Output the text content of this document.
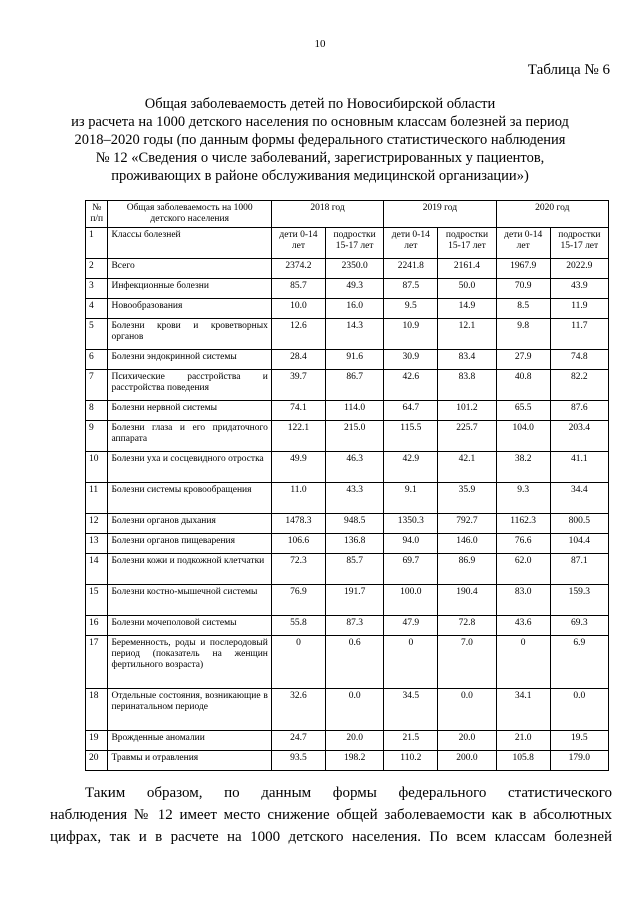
10
Таблица № 6
Общая заболеваемость детей по Новосибирской области
из расчета на 1000 детского населения по основным классам болезней за период
2018–2020 годы (по данным формы федерального статистического наблюдения
№ 12 «Сведения о числе заболеваний, зарегистрированных у пациентов,
проживающих в районе обслуживания медицинской организации»)
№ п/п	Общая заболеваемость на 1000 детского населения	2018 год		2019 год		2020 год	
1	Классы болезней	дети 0-14 лет	подростки 15-17 лет	дети 0-14 лет	подростки 15-17 лет	дети 0-14 лет	подростки 15-17 лет
2	Всего	2374.2	2350.0	2241.8	2161.4	1967.9	2022.9
3	Инфекционные болезни	85.7	49.3	87.5	50.0	70.9	43.9
4	Новообразования	10.0	16.0	9.5	14.9	8.5	11.9
5	Болезни крови и кроветворных органов	12.6	14.3	10.9	12.1	9.8	11.7
6	Болезни эндокринной системы	28.4	91.6	30.9	83.4	27.9	74.8
7	Психические расстройства и расстройства поведения	39.7	86.7	42.6	83.8	40.8	82.2
8	Болезни нервной системы	74.1	114.0	64.7	101.2	65.5	87.6
9	Болезни глаза и его придаточного аппарата	122.1	215.0	115.5	225.7	104.0	203.4
10	Болезни уха и сосцевидного отростка	49.9	46.3	42.9	42.1	38.2	41.1
11	Болезни системы кровообращения	11.0	43.3	9.1	35.9	9.3	34.4
12	Болезни органов дыхания	1478.3	948.5	1350.3	792.7	1162.3	800.5
13	Болезни органов пищеварения	106.6	136.8	94.0	146.0	76.6	104.4
14	Болезни кожи и подкожной клетчатки	72.3	85.7	69.7	86.9	62.0	87.1
15	Болезни костно-мышечной системы	76.9	191.7	100.0	190.4	83.0	159.3
16	Болезни мочеполовой системы	55.8	87.3	47.9	72.8	43.6	69.3
17	Беременность, роды и послеродовый период (показатель на женщин фертильного возраста)	0	0.6	0	7.0	0	6.9
18	Отдельные состояния, возникающие в перинатальном периоде	32.6	0.0	34.5	0.0	34.1	0.0
19	Врожденные аномалии	24.7	20.0	21.5	20.0	21.0	19.5
20	Травмы и отравления	93.5	198.2	110.2	200.0	105.8	179.0
Таким образом, по данным формы федерального статистического
наблюдения № 12 имеет место снижение общей заболеваемости как в абсолютных
цифрах, так и в расчете на 1000 детского населения. По всем классам болезней
